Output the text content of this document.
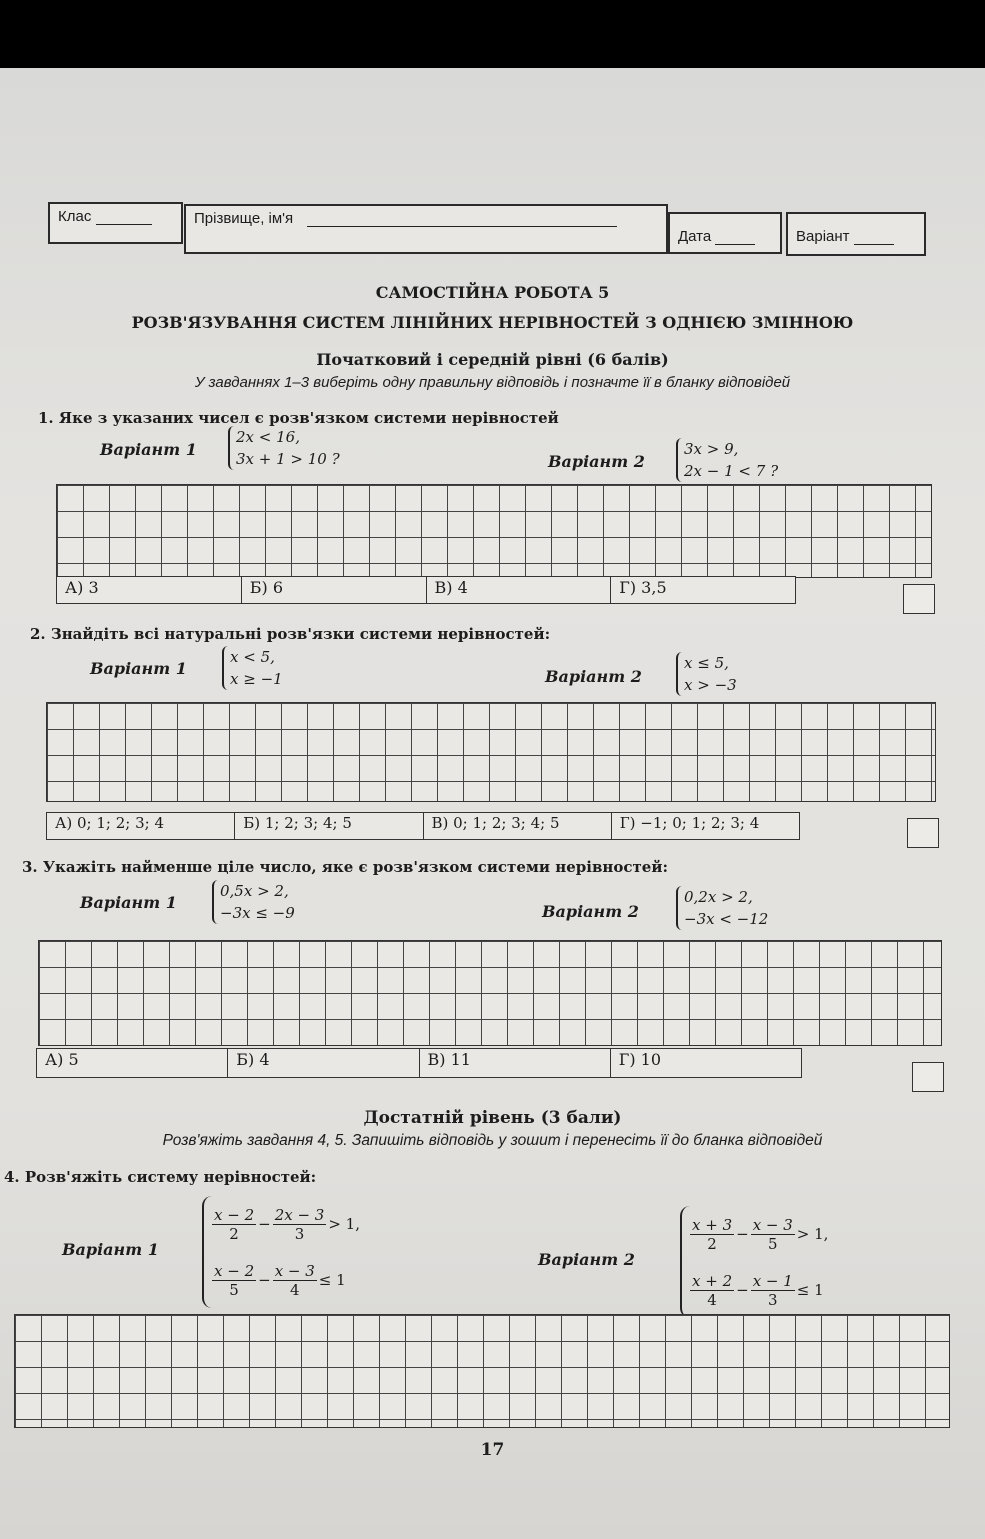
Клас	Прізвище, ім'я
Дата	Варіант
САМОСТІЙНА РОБОТА 5
РОЗВ'ЯЗУВАННЯ СИСТЕМ ЛІНІЙНИХ НЕРІВНОСТЕЙ З ОДНІЄЮ ЗМІННОЮ
Початковий і середній рівні (6 балів)
У завданнях 1–3 виберіть одну правильну відповідь і позначте її в бланку відповідей
1. Яке з указаних чисел є розв'язком системи нерівностей
Варіант 1
2x < 16,
3x + 1 > 10 ?	Варіант 2
3x > 9,
2x − 1 < 7 ?
А) 3	Б) 6	В) 4	Г) 3,5
2. Знайдіть всі натуральні розв'язки системи нерівностей:
Варіант 1
x < 5,
x ≥ −1	Варіант 2
x ≤ 5,
x > −3
А) 0; 1; 2; 3; 4	Б) 1; 2; 3; 4; 5	В) 0; 1; 2; 3; 4; 5	Г) −1; 0; 1; 2; 3; 4
3. Укажіть найменше ціле число, яке є розв'язком системи нерівностей:
Варіант 1
0,5x > 2,
−3x ≤ −9	Варіант 2
0,2x > 2,
−3x < −12
А) 5	Б) 4	В) 11	Г) 10
Достатній рівень (3 бали)
Розв'яжіть завдання 4, 5. Запишіть відповідь у зошит і перенесіть її до бланка відповідей
4. Розв'яжіть систему нерівностей:
Варіант 1
$\frac{x - 2}{2} - \frac{2x - 3}{3} > 1$,
$\frac{x - 2}{5} - \frac{x - 3}{4} \le 1$
Варіант 2
$\frac{x + 3}{2} - \frac{x - 3}{5} > 1$,
$\frac{x + 2}{4} - \frac{x - 1}{3} \le 1$
17
